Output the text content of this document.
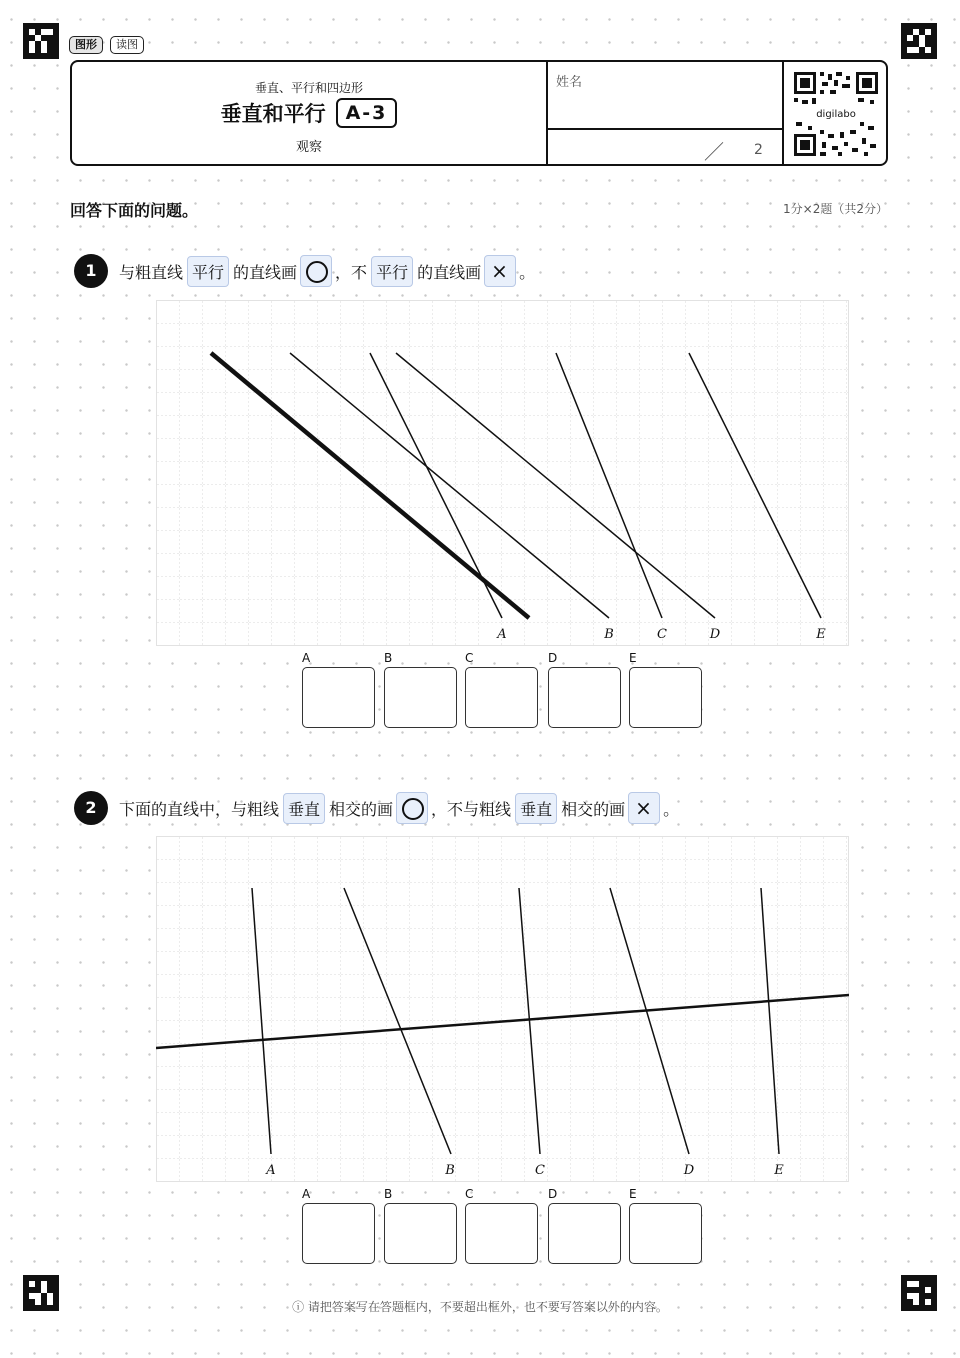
图形	读图
垂直、平行和四边形
垂直和平行	A-3
观察
姓名
／ 2
digilabo
回答下面的问题。	1分×2题（共2分）
1	与粗直线 平行 的直线画 ，不 平行 的直线画 × 。
A	B	C	D	E
A	B	C	D	E
2	下面的直线中，与粗线 垂直 相交的画 ，不与粗线 垂直 相交的画 × 。
A	B	C	D	E
A	B	C	D	E
ⓘ 请把答案写在答题框内，不要超出框外，也不要写答案以外的内容。
